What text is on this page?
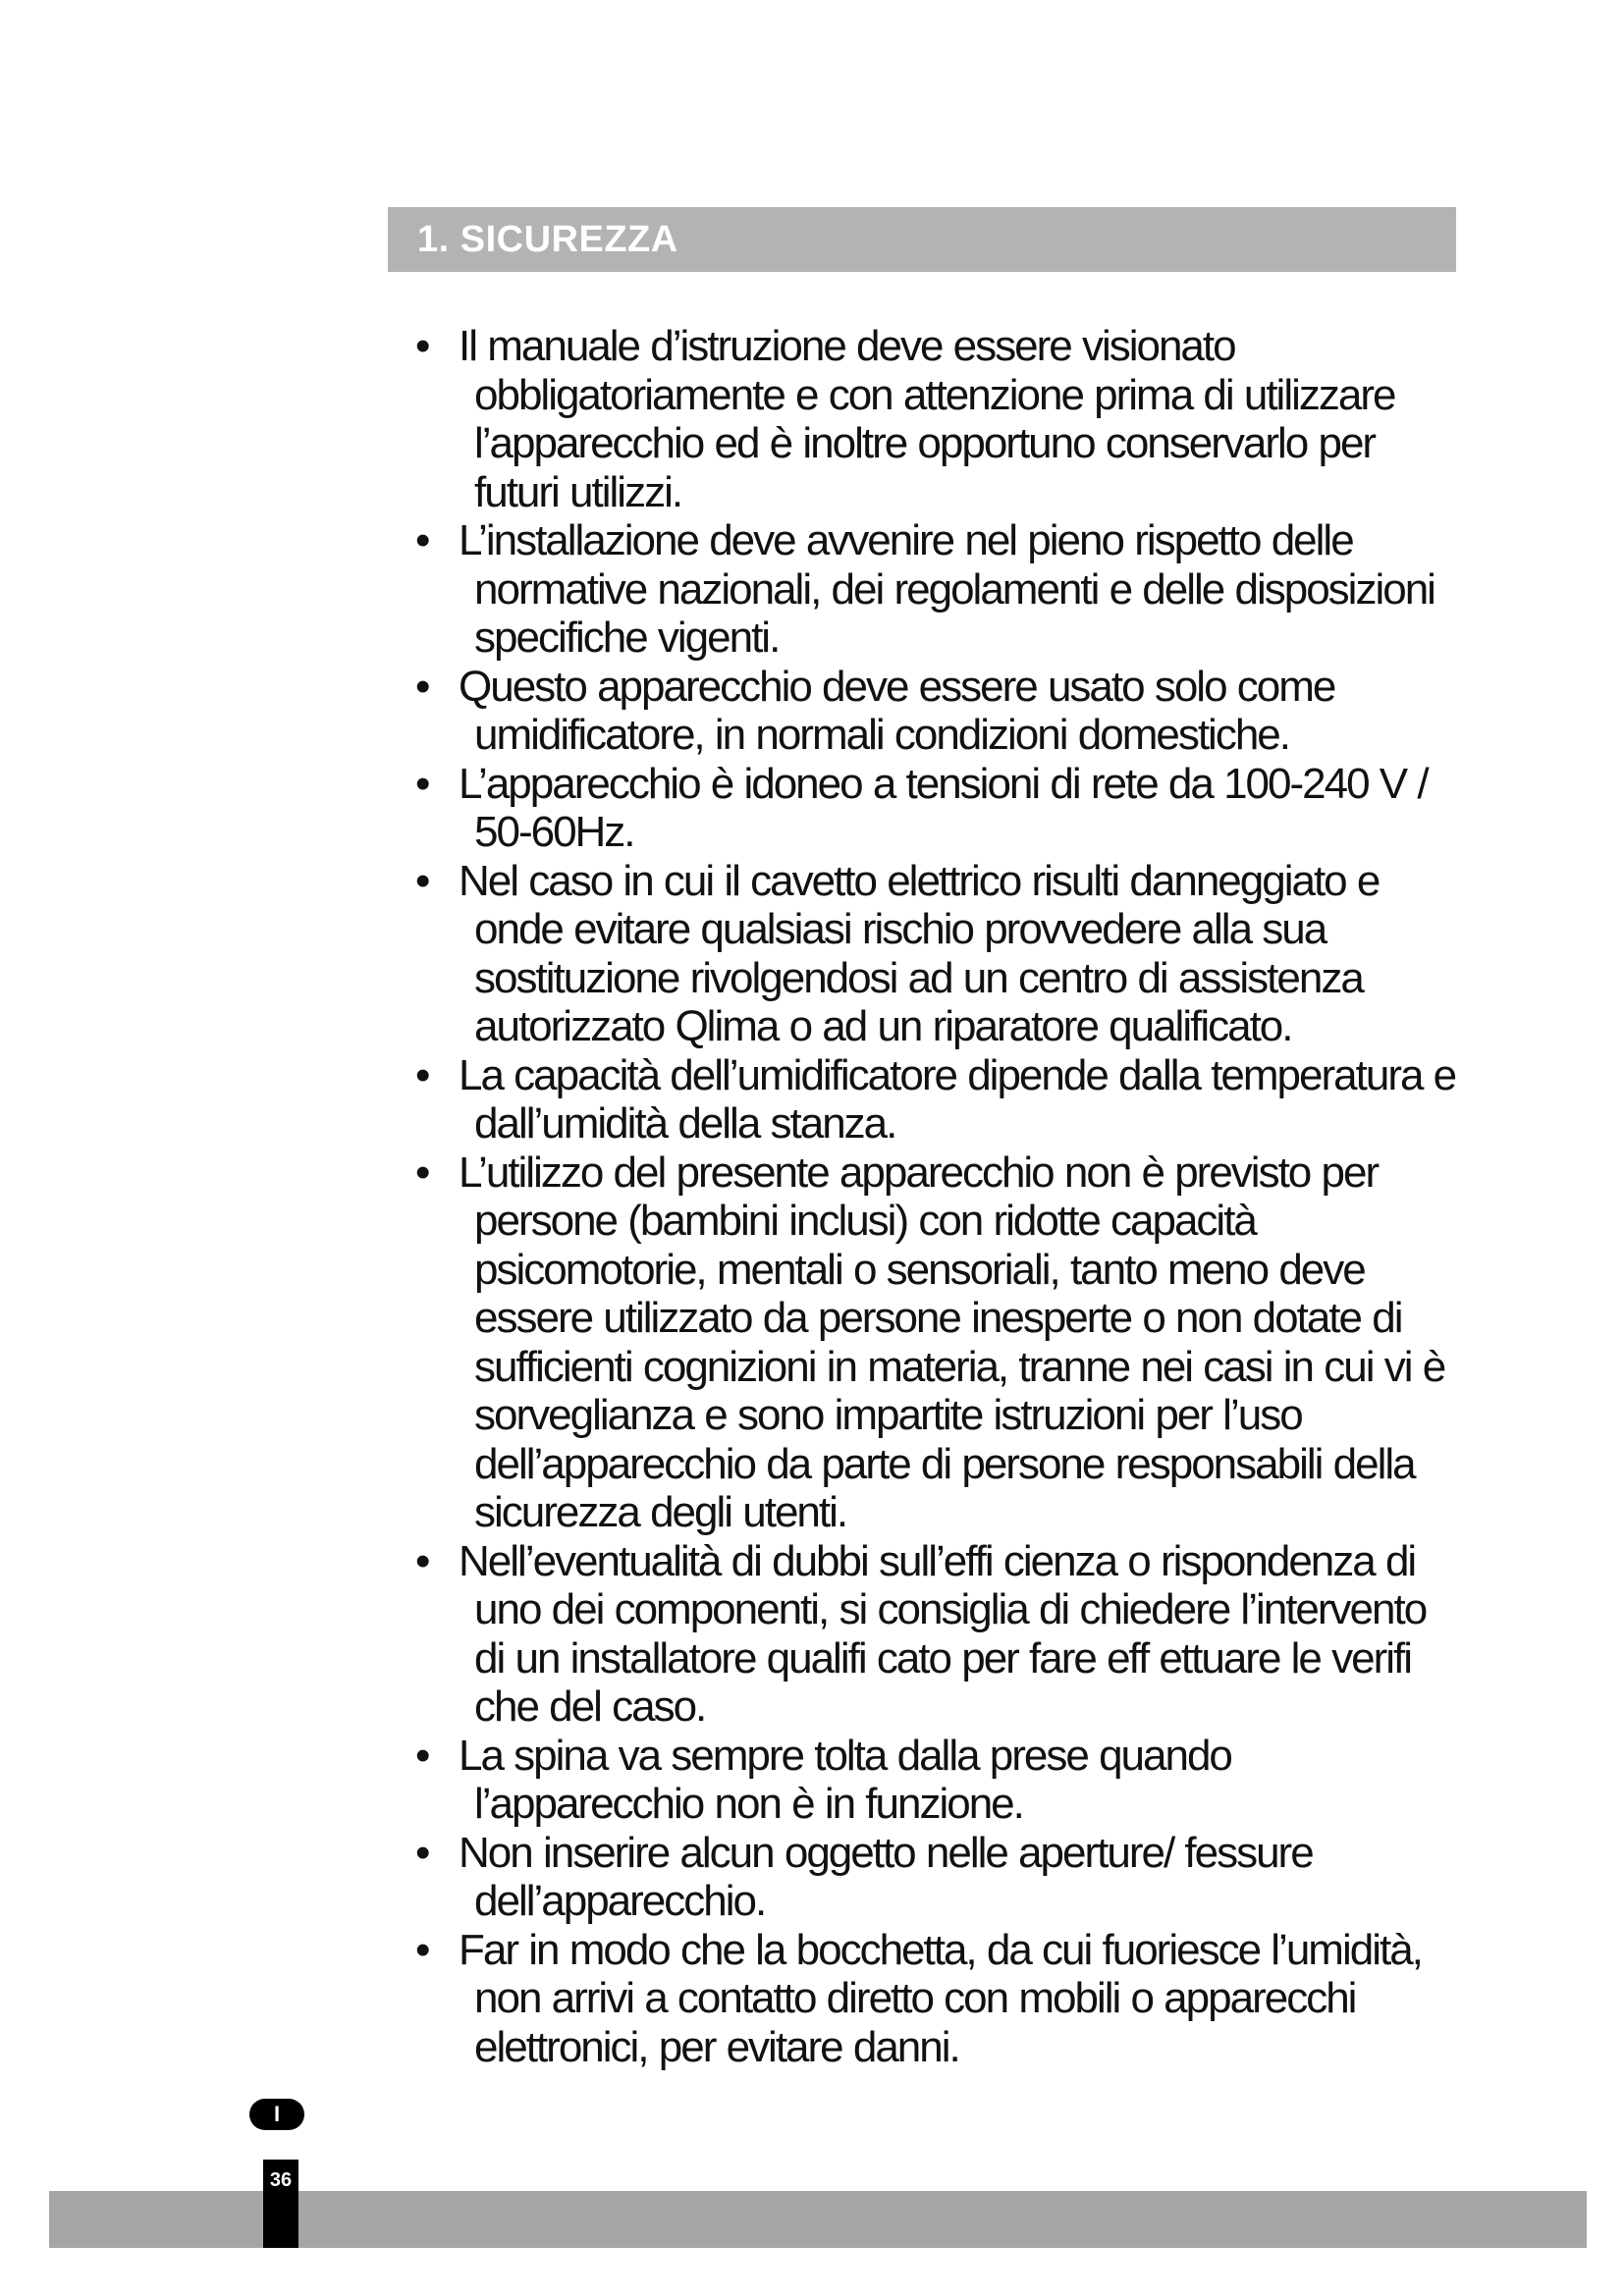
1. SICUREZZA
• Il manuale d’istruzione deve essere visionato obbligatoriamente e con attenzione prima di utilizzare l’apparecchio ed è inoltre opportuno conservarlo per futuri utilizzi.
• L’installazione deve avvenire nel pieno rispetto delle normative nazionali, dei regolamenti e delle disposizioni specifiche vigenti.
• Questo apparecchio deve essere usato solo come umidificatore, in normali condizioni domestiche.
• L’apparecchio è idoneo a tensioni di rete da 100-240 V / 50-60Hz.
• Nel caso in cui il cavetto elettrico risulti danneggiato e onde evitare qualsiasi rischio provvedere alla sua sostituzione rivolgendosi ad un centro di assistenza autorizzato Qlima o ad un riparatore qualificato.
• La capacità dell’umidificatore dipende dalla temperatura e dall’umidità della stanza.
• L’utilizzo del presente apparecchio non è previsto per persone (bambini inclusi) con ridotte capacità psicomotorie, mentali o sensoriali, tanto meno deve essere utilizzato da persone inesperte o non dotate di sufficienti cognizioni in materia, tranne nei casi in cui vi è sorveglianza e sono impartite istruzioni per l’uso dell’apparecchio da parte di persone responsabili della sicurezza degli utenti.
• Nell’eventualità di dubbi sull’effi cienza o rispondenza di uno dei componenti, si consiglia di chiedere l’intervento di un installatore qualifi cato per fare eff ettuare le verifi che del caso.
• La spina va sempre tolta dalla prese quando l’apparecchio non è in funzione.
• Non inserire alcun oggetto nelle aperture/ fessure dell’apparecchio.
• Far in modo che la bocchetta, da cui fuoriesce l’umidità, non arrivi a contatto diretto con mobili o apparecchi elettronici, per evitare danni.
I
36
